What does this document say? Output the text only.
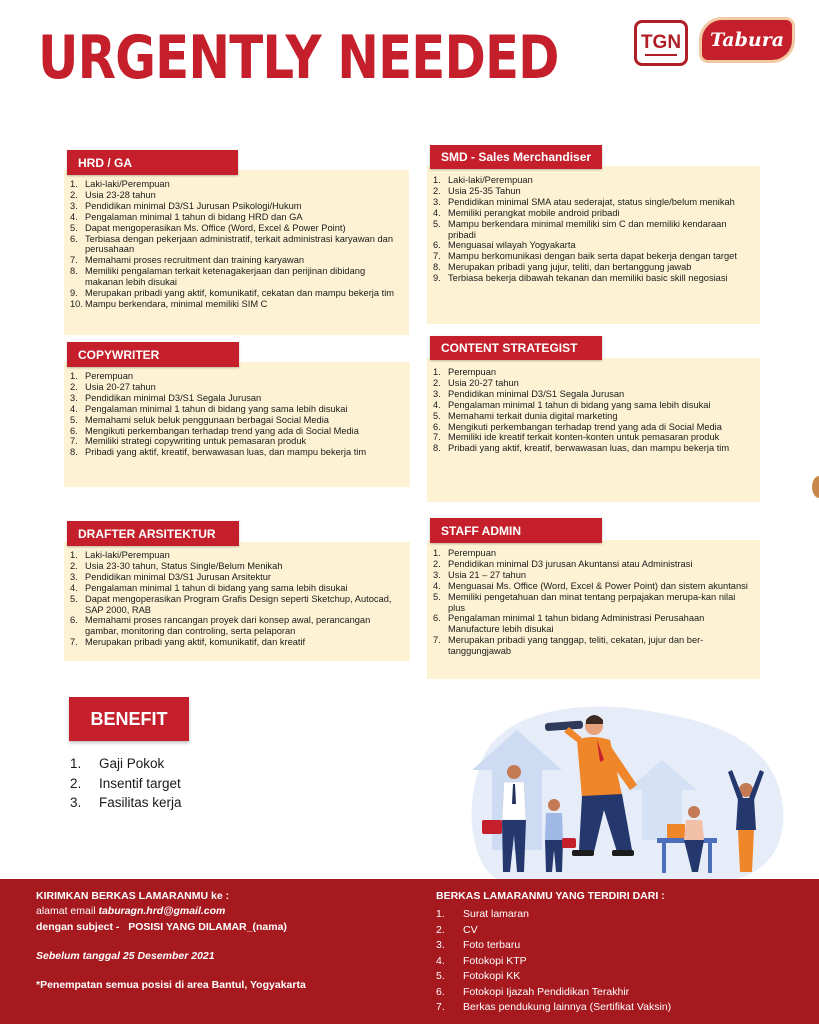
URGENTLY NEEDED	TGN	Tabura
1. Laki-laki/Perempuan
2. Usia 23-28 tahun
3. Pendidikan minimal D3/S1 Jurusan Psikologi/Hukum
4. Pengalaman minimal 1 tahun di bidang HRD dan GA
5. Dapat mengoperasikan Ms. Office (Word, Excel & Power Point)
6. Terbiasa dengan pekerjaan administratif, terkait administrasi karyawan dan perusahaan
7. Memahami proses recruitment dan training karyawan
8. Memiliki pengalaman terkait ketenagakerjaan dan perijinan dibidang makanan lebih disukai
9. Merupakan pribadi yang aktif, komunikatif, cekatan dan mampu bekerja tim
10. Mampu berkendara, minimal memiliki SIM C
HRD / GA
1. Laki-laki/Perempuan
2. Usia 25-35 Tahun
3. Pendidikan minimal SMA atau sederajat, status single/belum menikah
4. Memiliki perangkat mobile android pribadi
5. Mampu berkendara minimal memiliki sim C dan memiliki kendaraan pribadi
6. Menguasai wilayah Yogyakarta
7. Mampu berkomunikasi dengan baik serta dapat bekerja dengan target
8. Merupakan pribadi yang jujur, teliti, dan bertanggung jawab
9. Terbiasa bekerja dibawah tekanan dan memiliki basic skill negosiasi
SMD - Sales Merchandiser
1. Perempuan
2. Usia 20-27 tahun
3. Pendidikan minimal D3/S1 Segala Jurusan
4. Pengalaman minimal 1 tahun di bidang yang sama lebih disukai
5. Memahami seluk beluk penggunaan berbagai Social Media
6. Mengikuti perkembangan terhadap trend yang ada di Social Media
7. Memiliki strategi copywriting untuk pemasaran produk
8. Pribadi yang aktif, kreatif, berwawasan luas, dan mampu bekerja tim
COPYWRITER
1. Perempuan
2. Usia 20-27 tahun
3. Pendidikan minimal D3/S1 Segala Jurusan
4. Pengalaman minimal 1 tahun di bidang yang sama lebih disukai
5. Memahami terkait dunia digital marketing
6. Mengikuti perkembangan terhadap trend yang ada di Social Media
7. Memiliki ide kreatif terkait konten-konten untuk pemasaran produk
8. Pribadi yang aktif, kreatif, berwawasan luas, dan mampu bekerja tim
CONTENT STRATEGIST
1. Laki-laki/Perempuan
2. Usia 23-30 tahun, Status Single/Belum Menikah
3. Pendidikan minimal D3/S1 Jurusan Arsitektur
4. Pengalaman minimal 1 tahun di bidang yang sama lebih disukai
5. Dapat mengoperasikan Program Grafis Design seperti Sketchup, Autocad, SAP 2000, RAB
6. Memahami proses rancangan proyek dari konsep awal, perancangan gambar, monitoring dan controling, serta pelaporan
7. Merupakan pribadi yang aktif, komunikatif, dan kreatif
DRAFTER ARSITEKTUR
1. Perempuan
2. Pendidikan minimal D3 jurusan Akuntansi atau Administrasi
3. Usia 21 – 27 tahun
4. Menguasai Ms. Office (Word, Excel & Power Point) dan sistem akuntansi
5. Memiliki pengetahuan dan minat tentang perpajakan merupa-kan nilai plus
6. Pengalaman minimal 1 tahun bidang Administrasi Perusahaan Manufacture lebih disukai
7. Merupakan pribadi yang tanggap, teliti, cekatan, jujur dan ber-tanggungjawab
STAFF ADMIN
BENEFIT
1. Gaji Pokok
2. Insentif target
3. Fasilitas kerja
KIRIMKAN BERKAS LAMARANMU ke :
alamat email taburagn.hrd@gmail.com
dengan subject - POSISI YANG DILAMAR_(nama)
Sebelum tanggal 25 Desember 2021
*Penempatan semua posisi di area Bantul, Yogyakarta
BERKAS LAMARANMU YANG TERDIRI DARI :
1. Surat lamaran
2. CV
3. Foto terbaru
4. Fotokopi KTP
5. Fotokopi KK
6. Fotokopi Ijazah Pendidikan Terakhir
7. Berkas pendukung lainnya (Sertifikat Vaksin)
